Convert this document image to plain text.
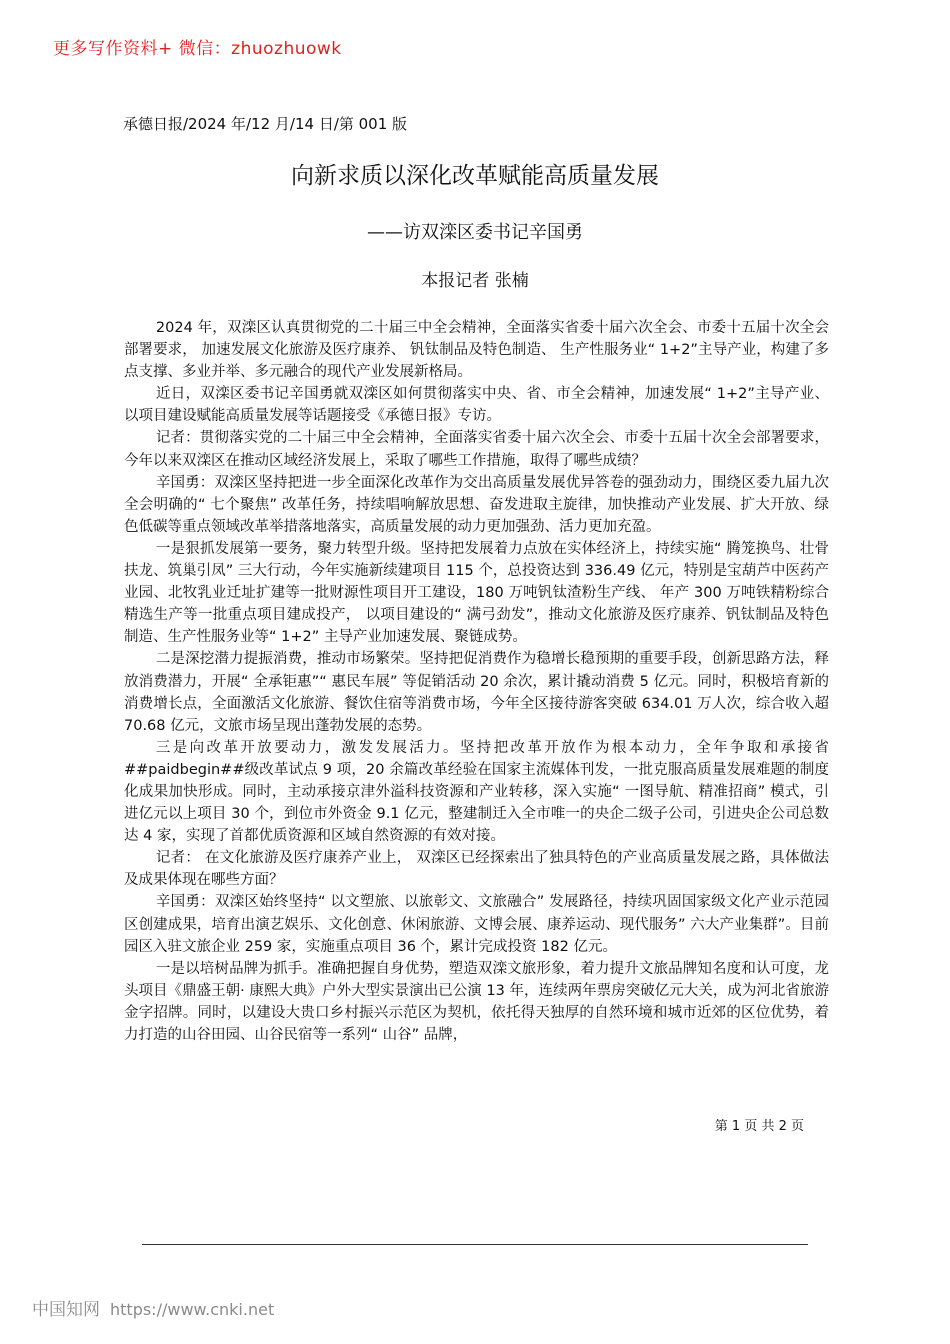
更多写作资料+ 微信：zhuozhuowk
承德日报/2024 年/12 月/14 日/第 001 版
向新求质以深化改革赋能高质量发展
——访双滦区委书记辛国勇
本报记者 张楠

2024 年，双滦区认真贯彻党的二十届三中全会精神，全面落实省委十届六次全会、市委十五届十次全会部署要求， 加速发展文化旅游及医疗康养、 钒钛制品及特色制造、 生产性服务业“ 1+2”主导产业，构建了多点支撑、多业并举、多元融合的现代产业发展新格局。

近日，双滦区委书记辛国勇就双滦区如何贯彻落实中央、省、市全会精神，加速发展“ 1+2”主导产业、以项目建设赋能高质量发展等话题接受《承德日报》专访。

记者：贯彻落实党的二十届三中全会精神，全面落实省委十届六次全会、市委十五届十次全会部署要求，今年以来双滦区在推动区域经济发展上，采取了哪些工作措施，取得了哪些成绩？

辛国勇：双滦区坚持把进一步全面深化改革作为交出高质量发展优异答卷的强劲动力，围绕区委九届九次全会明确的“ 七个聚焦” 改革任务，持续唱响解放思想、奋发进取主旋律，加快推动产业发展、扩大开放、绿色低碳等重点领域改革举措落地落实，高质量发展的动力更加强劲、活力更加充盈。

一是狠抓发展第一要务，聚力转型升级。坚持把发展着力点放在实体经济上，持续实施“ 腾笼换鸟、壮骨扶龙、筑巢引凤” 三大行动，今年实施新续建项目 115 个，总投资达到 336.49 亿元，特别是宝葫芦中医药产业园、北牧乳业迁址扩建等一批财源性项目开工建设，180 万吨钒钛渣粉生产线、 年产 300 万吨铁精粉综合精选生产等一批重点项目建成投产， 以项目建设的“ 满弓劲发”，推动文化旅游及医疗康养、钒钛制品及特色制造、生产性服务业等“ 1+2” 主导产业加速发展、聚链成势。

二是深挖潜力提振消费，推动市场繁荣。坚持把促消费作为稳增长稳预期的重要手段，创新思路方法，释放消费潜力，开展“ 全承钜惠”“ 惠民车展” 等促销活动 20 余次，累计撬动消费 5 亿元。同时，积极培育新的消费增长点，全面激活文化旅游、餐饮住宿等消费市场，今年全区接待游客突破 634.01 万人次，综合收入超 70.68 亿元，文旅市场呈现出蓬勃发展的态势。

三是向改革开放要动力，激发发展活力。坚持把改革开放作为根本动力，全年争取和承接省##paidbegin##级改革试点 9 项，20 余篇改革经验在国家主流媒体刊发，一批克服高质量发展难题的制度化成果加快形成。同时，主动承接京津外溢科技资源和产业转移，深入实施“ 一图导航、精准招商” 模式，引进亿元以上项目 30 个，到位市外资金 9.1 亿元，整建制迁入全市唯一的央企二级子公司，引进央企公司总数达 4 家，实现了首都优质资源和区域自然资源的有效对接。

记者： 在文化旅游及医疗康养产业上， 双滦区已经探索出了独具特色的产业高质量发展之路，具体做法及成果体现在哪些方面？

辛国勇：双滦区始终坚持“ 以文塑旅、以旅彰文、文旅融合” 发展路径，持续巩固国家级文化产业示范园区创建成果，培育出演艺娱乐、文化创意、休闲旅游、文博会展、康养运动、现代服务” 六大产业集群”。目前园区入驻文旅企业 259 家，实施重点项目 36 个，累计完成投资 182 亿元。

一是以培树品牌为抓手。准确把握自身优势，塑造双滦文旅形象，着力提升文旅品牌知名度和认可度，龙头项目《鼎盛王朝· 康熙大典》户外大型实景演出已公演 13 年，连续两年票房突破亿元大关，成为河北省旅游金字招牌。同时，以建设大贵口乡村振兴示范区为契机，依托得天独厚的自然环境和城市近郊的区位优势，着力打造的山谷田园、山谷民宿等一系列“ 山谷” 品牌，

第 1 页 共 2 页
中国知网 https://www.cnki.net
